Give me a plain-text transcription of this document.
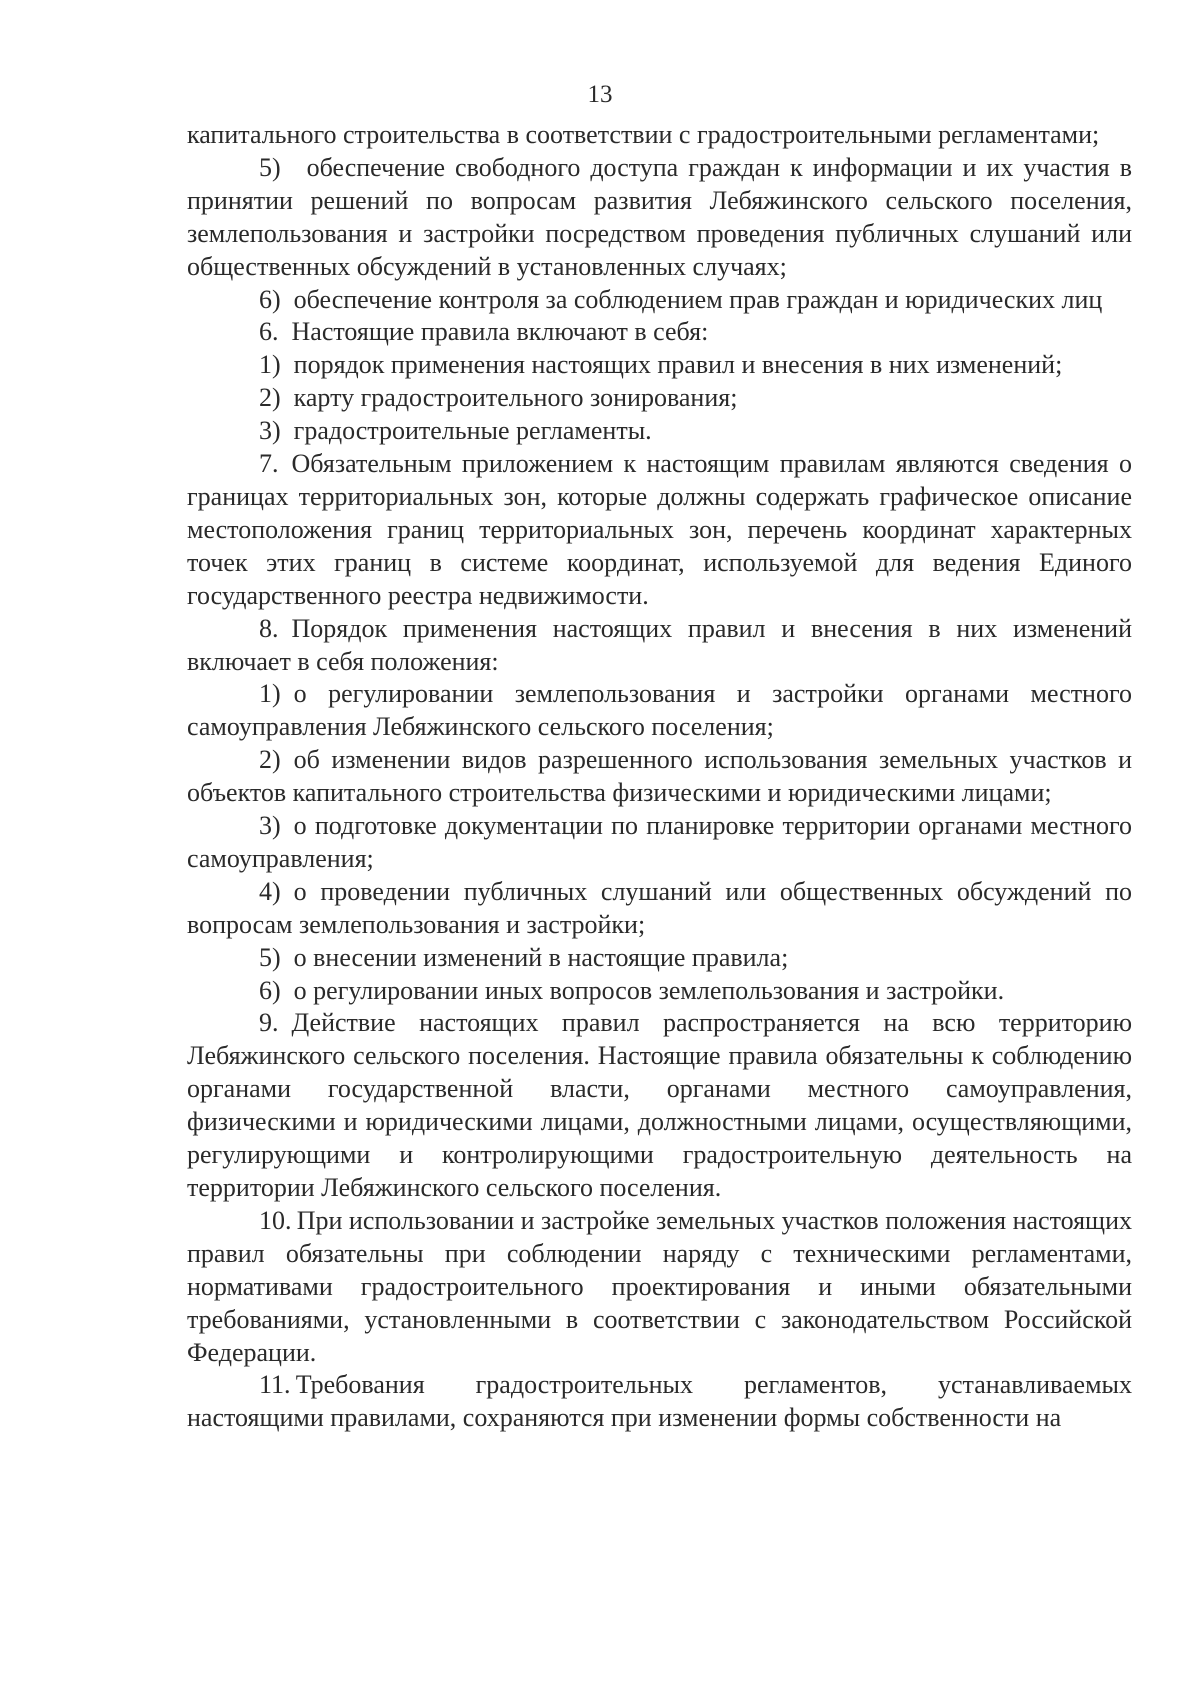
13

капитального строительства в соответствии с градостроительными регламентами;

5) обеспечение свободного доступа граждан к информации и их участия в принятии решений по вопросам развития Лебяжинского сельского поселения, землепользования и застройки посредством проведения публичных слушаний или общественных обсуждений в установленных случаях;

6) обеспечение контроля за соблюдением прав граждан и юридических лиц

6. Настоящие правила включают в себя:

1) порядок применения настоящих правил и внесения в них изменений;

2) карту градостроительного зонирования;

3) градостроительные регламенты.

7. Обязательным приложением к настоящим правилам являются сведения о границах территориальных зон, которые должны содержать графическое описание местоположения границ территориальных зон, перечень координат характерных точек этих границ в системе координат, используемой для ведения Единого государственного реестра недвижимости.

8. Порядок применения настоящих правил и внесения в них изменений включает в себя положения:

1) о регулировании землепользования и застройки органами местного самоуправления Лебяжинского сельского поселения;

2) об изменении видов разрешенного использования земельных участков и объектов капитального строительства физическими и юридическими лицами;

3) о подготовке документации по планировке территории органами местного самоуправления;

4) о проведении публичных слушаний или общественных обсуждений по вопросам землепользования и застройки;

5) о внесении изменений в настоящие правила;

6) о регулировании иных вопросов землепользования и застройки.

9. Действие настоящих правил распространяется на всю территорию Лебяжинского сельского поселения. Настоящие правила обязательны к соблюдению органами государственной власти, органами местного самоуправления, физическими и юридическими лицами, должностными лицами, осуществляющими, регулирующими и контролирующими градостроительную деятельность на территории Лебяжинского сельского поселения.

10. При использовании и застройке земельных участков положения настоящих правил обязательны при соблюдении наряду с техническими регламентами, нормативами градостроительного проектирования и иными обязательными требованиями, установленными в соответствии с законодательством Российской Федерации.

11. Требования градостроительных регламентов, устанавливаемых настоящими правилами, сохраняются при изменении формы собственности на
